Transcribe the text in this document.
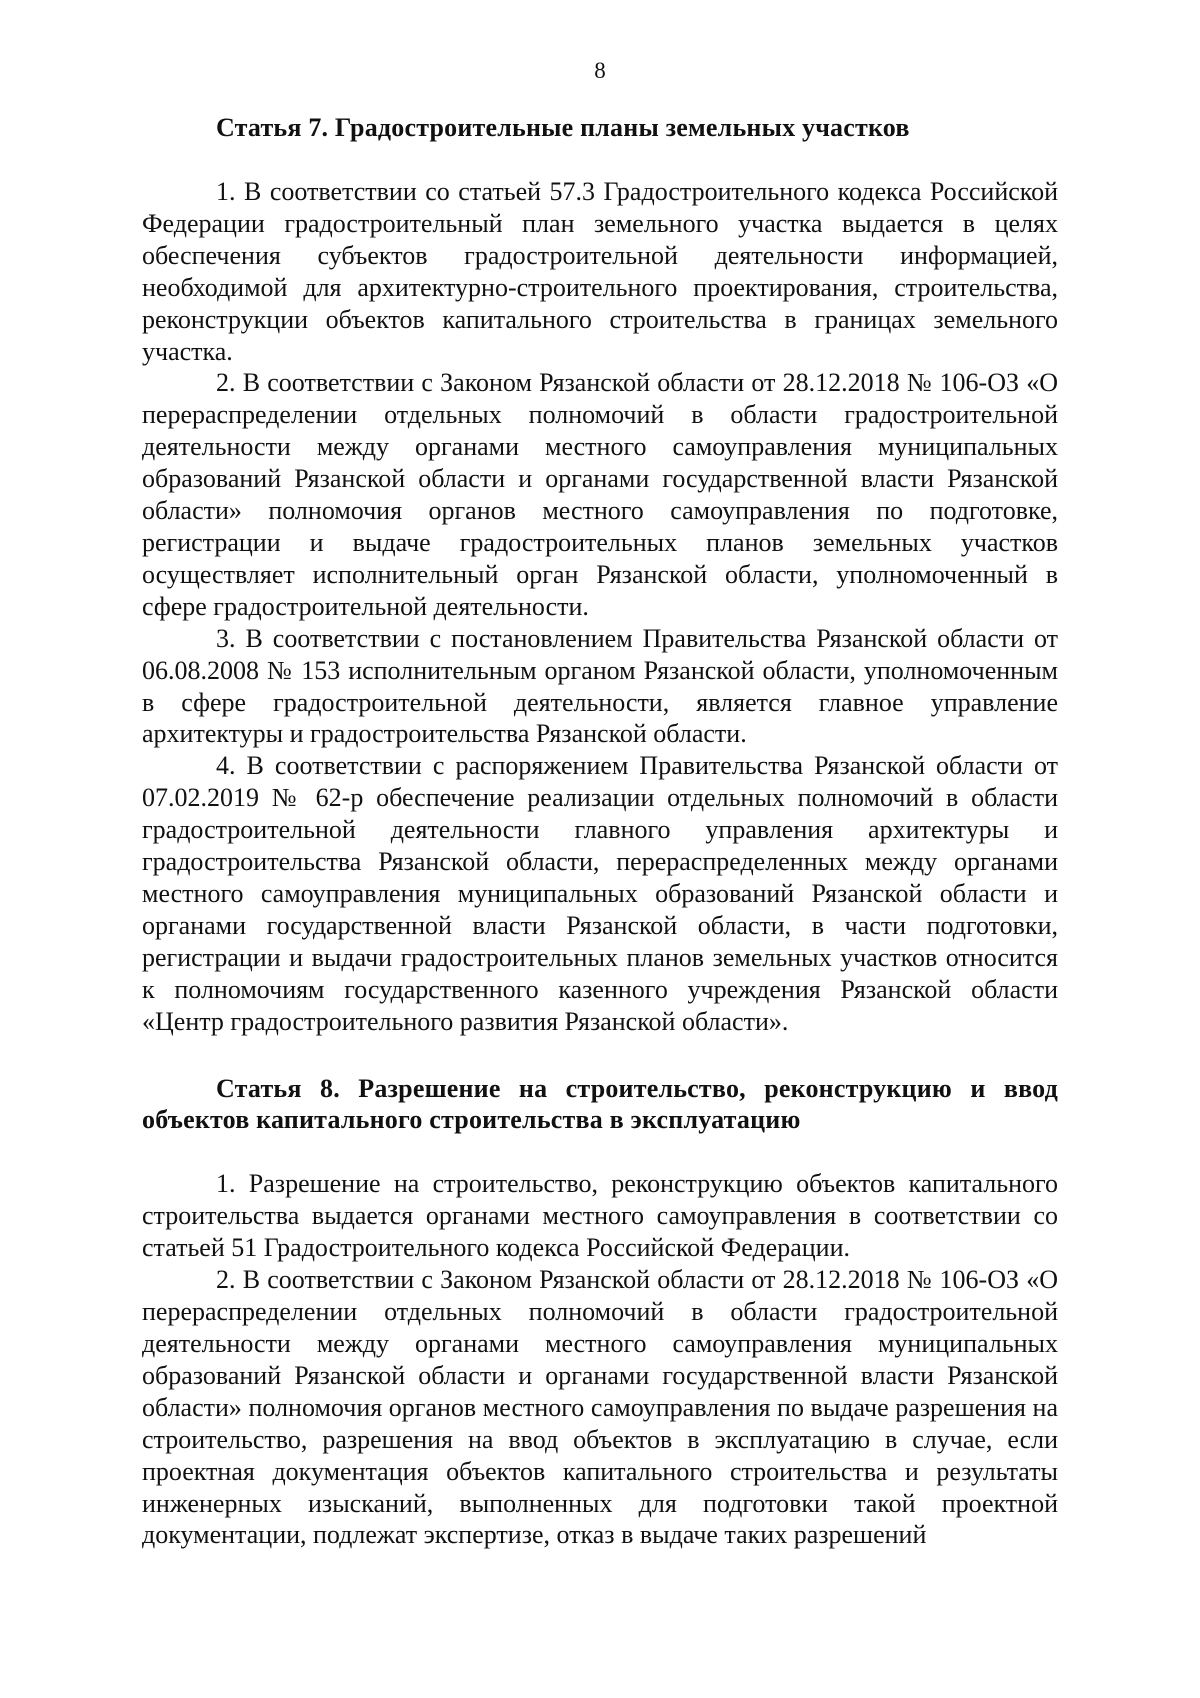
8

Статья 7. Градостроительные планы земельных участков

1. В соответствии со статьей 57.3 Градостроительного кодекса Российской Федерации градостроительный план земельного участка выдается в целях обеспечения субъектов градостроительной деятельности информацией, необходимой для архитектурно-строительного проектирования, строительства, реконструкции объектов капитального строительства в границах земельного участка.

2. В соответствии с Законом Рязанской области от 28.12.2018 № 106-ОЗ «О перераспределении отдельных полномочий в области градостроительной деятельности между органами местного самоуправления муниципальных образований Рязанской области и органами государственной власти Рязанской области» полномочия органов местного самоуправления по подготовке, регистрации и выдаче градостроительных планов земельных участков осуществляет исполнительный орган Рязанской области, уполномоченный в сфере градостроительной деятельности.

3. В соответствии с постановлением Правительства Рязанской области от 06.08.2008 № 153 исполнительным органом Рязанской области, уполномоченным в сфере градостроительной деятельности, является главное управление архитектуры и градостроительства Рязанской области.

4. В соответствии с распоряжением Правительства Рязанской области от 07.02.2019 № 62-р обеспечение реализации отдельных полномочий в области градостроительной деятельности главного управления архитектуры и градостроительства Рязанской области, перераспределенных между органами местного самоуправления муниципальных образований Рязанской области и органами государственной власти Рязанской области, в части подготовки, регистрации и выдачи градостроительных планов земельных участков относится к полномочиям государственного казенного учреждения Рязанской области «Центр градостроительного развития Рязанской области».

Статья 8. Разрешение на строительство, реконструкцию и ввод объектов капитального строительства в эксплуатацию

1. Разрешение на строительство, реконструкцию объектов капитального строительства выдается органами местного самоуправления в соответствии со статьей 51 Градостроительного кодекса Российской Федерации.

2. В соответствии с Законом Рязанской области от 28.12.2018 № 106-ОЗ «О перераспределении отдельных полномочий в области градостроительной деятельности между органами местного самоуправления муниципальных образований Рязанской области и органами государственной власти Рязанской области» полномочия органов местного самоуправления по выдаче разрешения на строительство, разрешения на ввод объектов в эксплуатацию в случае, если проектная документация объектов капитального строительства и результаты инженерных изысканий, выполненных для подготовки такой проектной документации, подлежат экспертизе, отказ в выдаче таких разрешений
